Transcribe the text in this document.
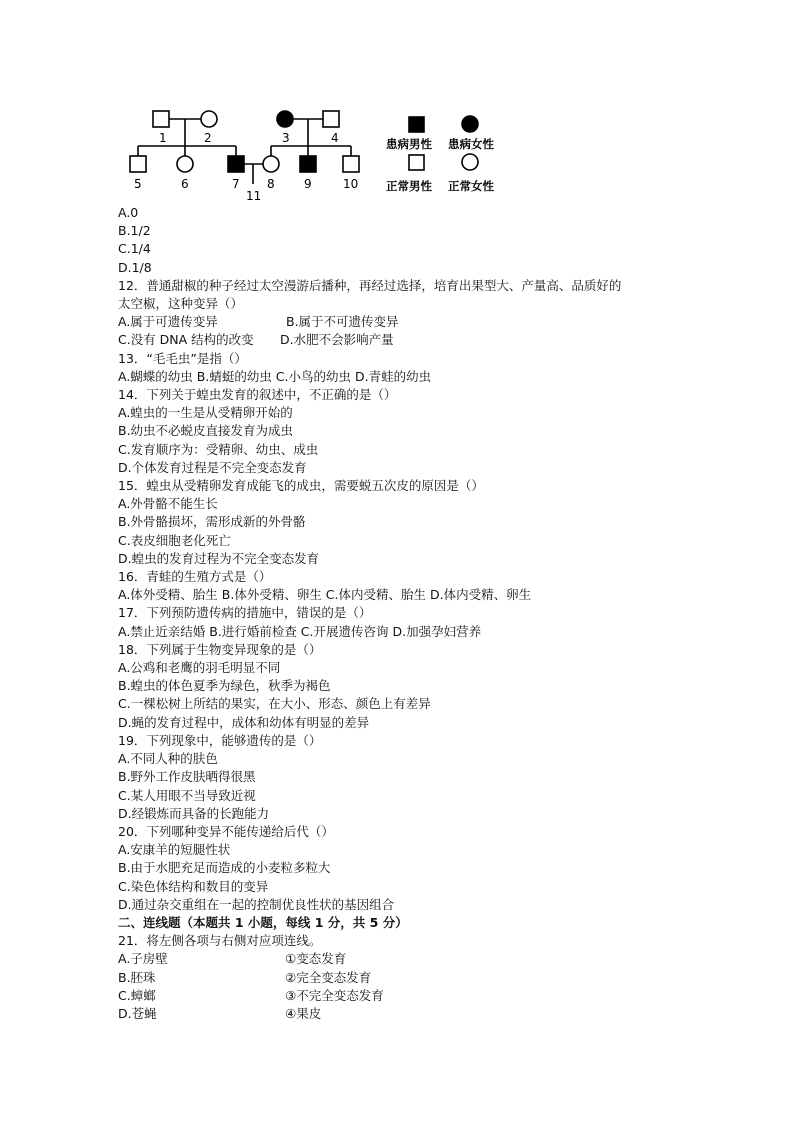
1	2	3	4
5	6	7 8 9	10
11
患病男性 患病女性
正常男性 正常女性
A.0
B.1/2
C.1/4
D.1/8
12．普通甜椒的种子经过太空漫游后播种，再经过选择，培育出果型大、产量高、品质好的
太空椒，这种变异（）
A.属于可遗传变异	B.属于不可遗传变异
C.没有 DNA 结构的改变	D.水肥不会影响产量
13．“毛毛虫”是指（）
A.蝴蝶的幼虫 B.蜻蜓的幼虫 C.小鸟的幼虫 D.青蛙的幼虫
14．下列关于蝗虫发育的叙述中，不正确的是（）
A.蝗虫的一生是从受精卵开始的
B.幼虫不必蜕皮直接发育为成虫
C.发育顺序为：受精卵、幼虫、成虫
D.个体发育过程是不完全变态发育
15．蝗虫从受精卵发育成能飞的成虫，需要蜕五次皮的原因是（）
A.外骨骼不能生长
B.外骨骼损坏，需形成新的外骨骼
C.表皮细胞老化死亡
D.蝗虫的发育过程为不完全变态发育
16．青蛙的生殖方式是（）
A.体外受精、胎生 B.体外受精、卵生 C.体内受精、胎生 D.体内受精、卵生
17．下列预防遗传病的措施中，错误的是（）
A.禁止近亲结婚 B.进行婚前检查 C.开展遗传咨询 D.加强孕妇营养
18．下列属于生物变异现象的是（）
A.公鸡和老鹰的羽毛明显不同
B.蝗虫的体色夏季为绿色，秋季为褐色
C.一棵松树上所结的果实，在大小、形态、颜色上有差异
D.蝇的发育过程中，成体和幼体有明显的差异
19．下列现象中，能够遗传的是（）
A.不同人种的肤色
B.野外工作皮肤晒得很黑
C.某人用眼不当导致近视
D.经锻炼而具备的长跑能力
20．下列哪种变异不能传递给后代（）
A.安康羊的短腿性状
B.由于水肥充足而造成的小麦粒多粒大
C.染色体结构和数目的变异
D.通过杂交重组在一起的控制优良性状的基因组合
二、连线题（本题共 1 小题，每线 1 分，共 5 分）
21．将左侧各项与右侧对应项连线。
A.子房壁	①变态发育
B.胚珠	②完全变态发育
C.蟑螂	③不完全变态发育
D.苍蝇	④果皮
